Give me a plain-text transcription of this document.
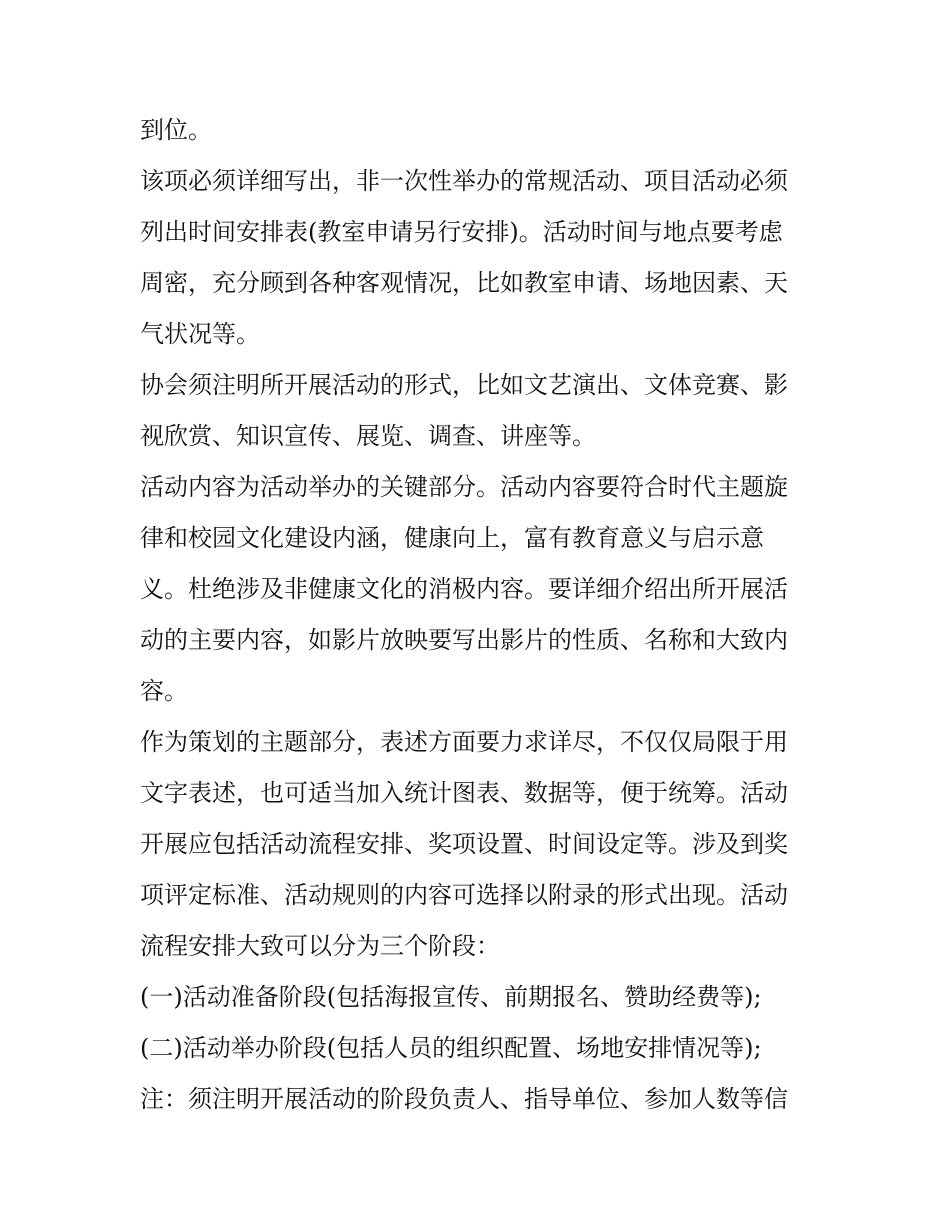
到位。
该项必须详细写出，非一次性举办的常规活动、项目活动必须
列出时间安排表(教室申请另行安排)。活动时间与地点要考虑
周密，充分顾到各种客观情况，比如教室申请、场地因素、天
气状况等。
协会须注明所开展活动的形式，比如文艺演出、文体竞赛、影
视欣赏、知识宣传、展览、调查、讲座等。
活动内容为活动举办的关键部分。活动内容要符合时代主题旋
律和校园文化建设内涵，健康向上，富有教育意义与启示意
义。杜绝涉及非健康文化的消极内容。要详细介绍出所开展活
动的主要内容，如影片放映要写出影片的性质、名称和大致内
容。
作为策划的主题部分，表述方面要力求详尽，不仅仅局限于用
文字表述，也可适当加入统计图表、数据等，便于统筹。活动
开展应包括活动流程安排、奖项设置、时间设定等。涉及到奖
项评定标准、活动规则的内容可选择以附录的形式出现。活动
流程安排大致可以分为三个阶段：
(一)活动准备阶段(包括海报宣传、前期报名、赞助经费等);
(二)活动举办阶段(包括人员的组织配置、场地安排情况等);
注：须注明开展活动的阶段负责人、指导单位、参加人数等信
